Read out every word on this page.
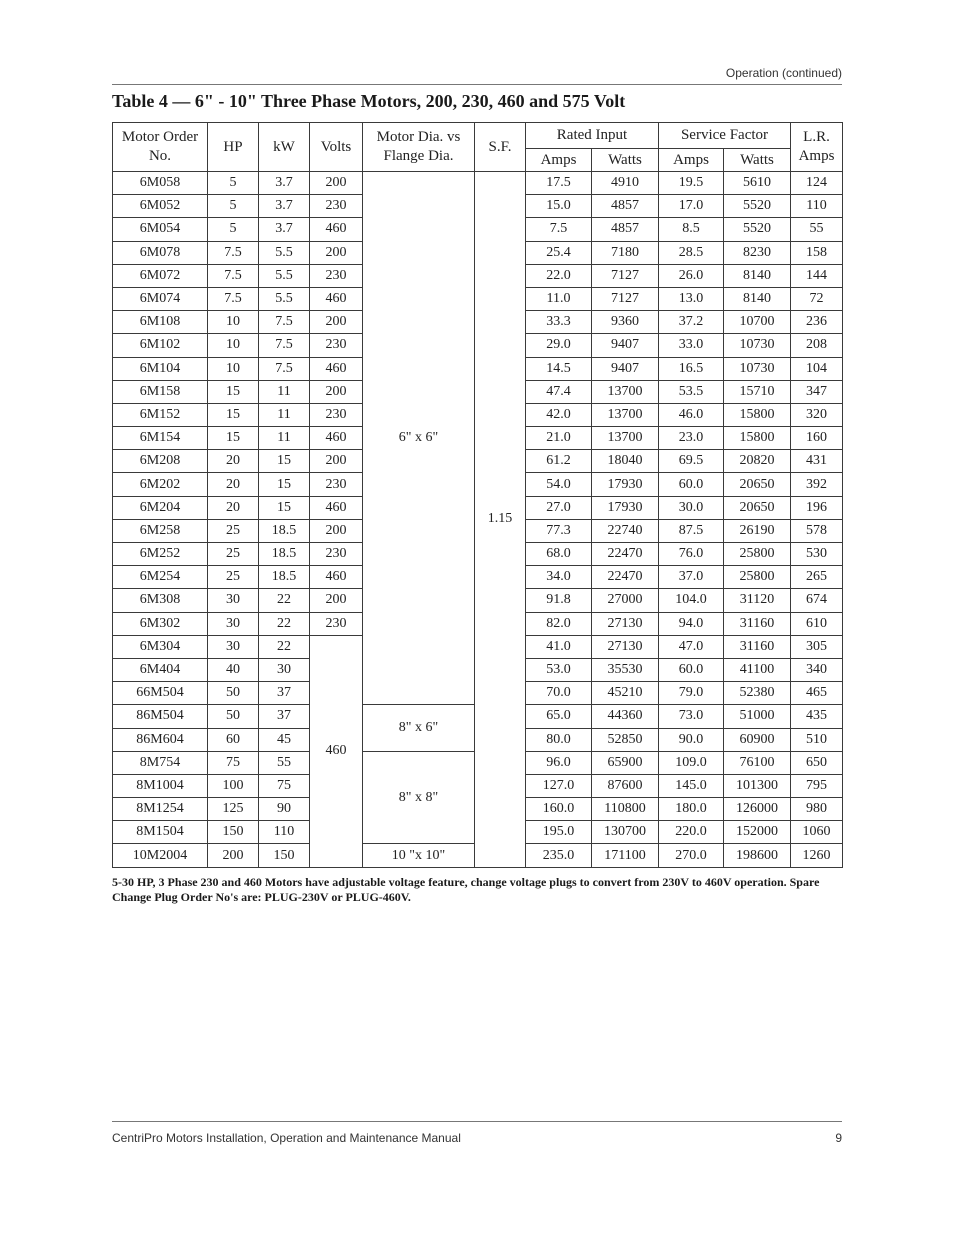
Operation (continued)
Table 4 — 6" - 10" Three Phase Motors, 200, 230, 460 and 575 Volt
Motor Order No.	HP	kW	Volts	Motor Dia. vs Flange Dia.	S.F.	Rated Input		Service Factor		L.R. Amps
						Amps	Watts	Amps	Watts	
6M058	5	3.7	200	6" x 6"	1.15	17.5	4910	19.5	5610	124
6M052	5	3.7	230			15.0	4857	17.0	5520	110
6M054	5	3.7	460			7.5	4857	8.5	5520	55
6M078	7.5	5.5	200			25.4	7180	28.5	8230	158
6M072	7.5	5.5	230			22.0	7127	26.0	8140	144
6M074	7.5	5.5	460			11.0	7127	13.0	8140	72
6M108	10	7.5	200			33.3	9360	37.2	10700	236
6M102	10	7.5	230			29.0	9407	33.0	10730	208
6M104	10	7.5	460			14.5	9407	16.5	10730	104
6M158	15	11	200			47.4	13700	53.5	15710	347
6M152	15	11	230			42.0	13700	46.0	15800	320
6M154	15	11	460			21.0	13700	23.0	15800	160
6M208	20	15	200			61.2	18040	69.5	20820	431
6M202	20	15	230			54.0	17930	60.0	20650	392
6M204	20	15	460			27.0	17930	30.0	20650	196
6M258	25	18.5	200			77.3	22740	87.5	26190	578
6M252	25	18.5	230			68.0	22470	76.0	25800	530
6M254	25	18.5	460			34.0	22470	37.0	25800	265
6M308	30	22	200			91.8	27000	104.0	31120	674
6M302	30	22	230			82.0	27130	94.0	31160	610
6M304	30	22	460			41.0	27130	47.0	31160	305
6M404	40	30				53.0	35530	60.0	41100	340
66M504	50	37				70.0	45210	79.0	52380	465
86M504	50	37		8" x 6"		65.0	44360	73.0	51000	435
86M604	60	45				80.0	52850	90.0	60900	510
8M754	75	55		8" x 8"		96.0	65900	109.0	76100	650
8M1004	100	75				127.0	87600	145.0	101300	795
8M1254	125	90				160.0	110800	180.0	126000	980
8M1504	150	110				195.0	130700	220.0	152000	1060
10M2004	200	150		10 "x 10"		235.0	171100	270.0	198600	1260
5-30 HP, 3 Phase 230 and 460 Motors have adjustable voltage feature, change voltage plugs to convert from 230V to 460V operation. Spare Change Plug Order No's are: PLUG-230V or PLUG-460V.
CentriPro Motors Installation, Operation and Maintenance Manual	9
